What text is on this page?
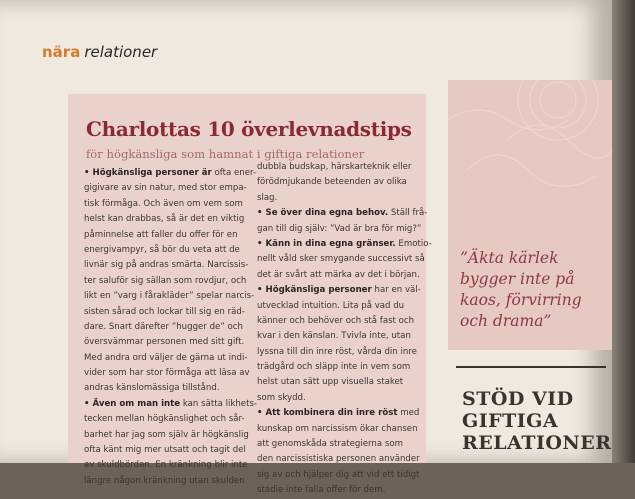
nära relationer
Charlottas 10 överlevnadstips
för högkänsliga som hamnat i giftiga relationer
• Högkänsliga personer är ofta ener-
gigivare av sin natur, med stor empa-
tisk förmåga. Och även om vem som
helst kan drabbas, så är det en viktig
påminnelse att faller du offer för en
energivampyr, så bör du veta att de
livnär sig på andras smärta. Narcissis-
ter saluför sig sällan som rovdjur, och
likt en ”varg i fårakläder” spelar narcis-
sisten sårad och lockar till sig en räd-
dare. Snart därefter ”hugger de” och
översvämmar personen med sitt gift.
Med andra ord väljer de gärna ut indi-
vider som har stor förmåga att läsa av
andras känslomässiga tillstånd.
• Även om man inte kan sätta likhets-
tecken mellan högkänslighet och sår-
barhet har jag som själv är högkänslig
ofta känt mig mer utsatt och tagit del
av skuldbördan. En kränkning blir inte
längre någon kränkning utan skulden
dubbla budskap, härskarteknik eller
förödmjukande beteenden av olika
slag.
• Se över dina egna behov. Ställ frå-
gan till dig själv: ”Vad är bra för mig?”
• Känn in dina egna gränser. Emotio-
nellt våld sker smygande successivt så
det är svårt att märka av det i början.
• Högkänsliga personer har en väl-
utvecklad intuition. Lita på vad du
känner och behöver och stå fast och
kvar i den känslan. Tvivla inte, utan
lyssna till din inre röst, vårda din inre
trädgård och släpp inte in vem som
helst utan sätt upp visuella staket
som skydd.
• Att kombinera din inre röst med
kunskap om narcissism ökar chansen
att genomskåda strategierna som
den narcissistiska personen använder
sig av och hjälper dig att vid ett tidigt
stadie inte falla offer för dem.
”Äkta kärlek
bygger inte på
kaos, förvirring
och drama”
STÖD VID
GIFTIGA
RELATIONER
